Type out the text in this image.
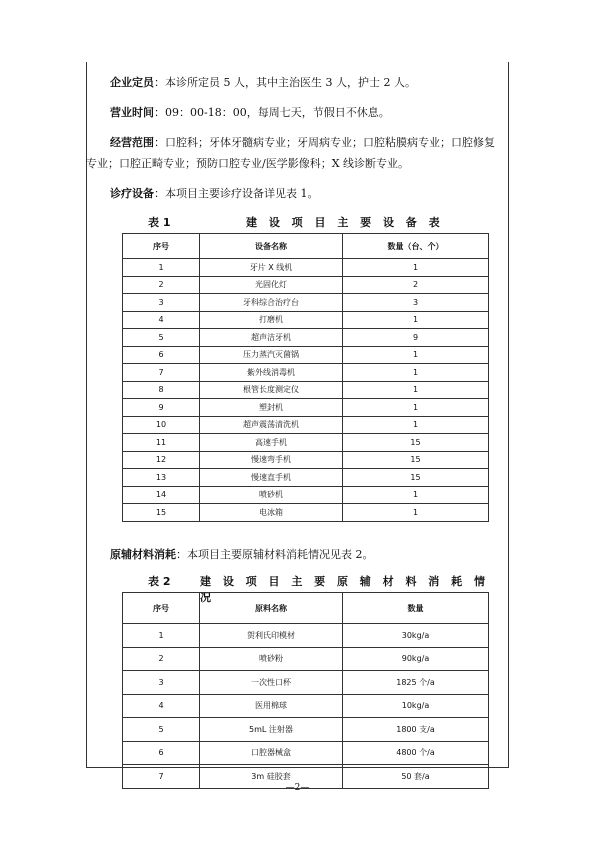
企业定员：本诊所定员 5 人，其中主治医生 3 人，护士 2 人。

营业时间：09：00-18：00，每周七天，节假日不休息。

经营范围：口腔科；牙体牙髓病专业；牙周病专业；口腔粘膜病专业；口腔修复专业；口腔正畸专业；预防口腔专业/医学影像科；X 线诊断专业。

诊疗设备：本项目主要诊疗设备详见表 1。

表 1	建 设 项 目 主 要 设 备 表
序号	设备名称	数量（台、个）
1	牙片 X 线机	1
2	光固化灯	2
3	牙科综合治疗台	3
4	打磨机	1
5	超声洁牙机	9
6	压力蒸汽灭菌锅	1
7	紫外线消毒机	1
8	根管长度测定仪	1
9	塑封机	1
10	超声震荡清洗机	1
11	高速手机	15
12	慢速弯手机	15
13	慢速直手机	15
14	喷砂机	1
15	电冰箱	1
原辅材料消耗：本项目主要原辅材料消耗情况见表 2。
表 2	建 设 项 目 主 要 原 辅 材 料 消 耗 情 况
序号	原料名称	数量
1	贺利氏印模材	30kg/a
2	喷砂粉	90kg/a
3	一次性口杯	1825 个/a
4	医用棉球	10kg/a
5	5mL 注射器	1800 支/a
6	口腔器械盒	4800 个/a
7	3m 硅胶套	50 套/a
—2—
